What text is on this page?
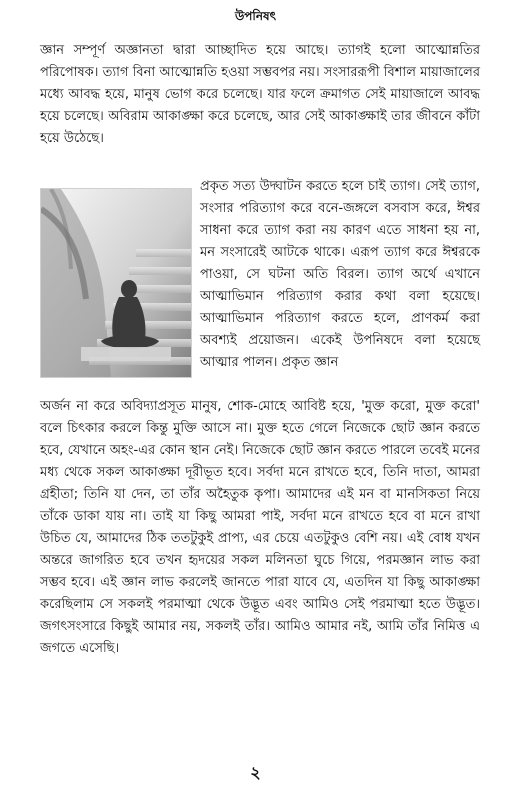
উপনিষৎ

জ্ঞান সম্পূর্ণ অজ্ঞানতা দ্বারা আচ্ছাদিত হয়ে আছে। ত্যাগই হলো আত্মোন্নতির পরিপোষক। ত্যাগ বিনা আত্মোন্নতি হওয়া সম্ভবপর নয়। সংসাররূপী বিশাল মায়াজালের মধ্যে আবদ্ধ হয়ে, মানুষ ভোগ করে চলেছে। যার ফলে ক্রমাগত সেই মায়াজালে আবদ্ধ হয়ে চলেছে। অবিরাম আকাঙ্ক্ষা করে চলেছে, আর সেই আকাঙ্ক্ষাই তার জীবনে কাঁটা হয়ে উঠেছে।

প্রকৃত সত্য উদ্ঘাটন করতে হলে চাই ত্যাগ। সেই ত্যাগ, সংসার পরিত্যাগ করে বনে-জঙ্গলে বসবাস করে, ঈশ্বর সাধনা করে ত্যাগ করা নয় কারণ এতে সাধনা হয় না, মন সংসারেই আটকে থাকে। এরূপ ত্যাগ করে ঈশ্বরকে পাওয়া, সে ঘটনা অতি বিরল। ত্যাগ অর্থে এখানে আত্মাভিমান পরিত্যাগ করার কথা বলা হয়েছে। আত্মাভিমান পরিত্যাগ করতে হলে, প্রাণকর্ম করা অবশ্যই প্রয়োজন। একেই উপনিষদে বলা হয়েছে আত্মার পালন। প্রকৃত জ্ঞান

অর্জন না করে অবিদ্যাপ্রসূত মানুষ, শোক-মোহে আবিষ্ট হয়ে, 'মুক্ত করো, মুক্ত করো' বলে চিৎকার করলে কিন্তু মুক্তি আসে না। মুক্ত হতে গেলে নিজেকে ছোট জ্ঞান করতে হবে, যেখানে অহং-এর কোন স্থান নেই। নিজেকে ছোট জ্ঞান করতে পারলে তবেই মনের মধ্য থেকে সকল আকাঙ্ক্ষা দূরীভূত হবে। সর্বদা মনে রাখতে হবে, তিনি দাতা, আমরা গ্রহীতা; তিনি যা দেন, তা তাঁর অহৈতুক কৃপা। আমাদের এই মন বা মানসিকতা নিয়ে তাঁকে ডাকা যায় না। তাই যা কিছু আমরা পাই, সর্বদা মনে রাখতে হবে বা মনে রাখা উচিত যে, আমাদের ঠিক ততটুকুই প্রাপ্য, এর চেয়ে এতটুকুও বেশি নয়। এই বোধ যখন অন্তরে জাগরিত হবে তখন হৃদয়ের সকল মলিনতা ঘুচে গিয়ে, পরমজ্ঞান লাভ করা সম্ভব হবে। এই জ্ঞান লাভ করলেই জানতে পারা যাবে যে, এতদিন যা কিছু আকাঙ্ক্ষা করেছিলাম সে সকলই পরমাত্মা থেকে উদ্ভূত এবং আমিও সেই পরমাত্মা হতে উদ্ভূত। জগৎসংসারে কিছুই আমার নয়, সকলই তাঁর। আমিও আমার নই, আমি তাঁর নিমিত্ত এ জগতে এসেছি।

২
